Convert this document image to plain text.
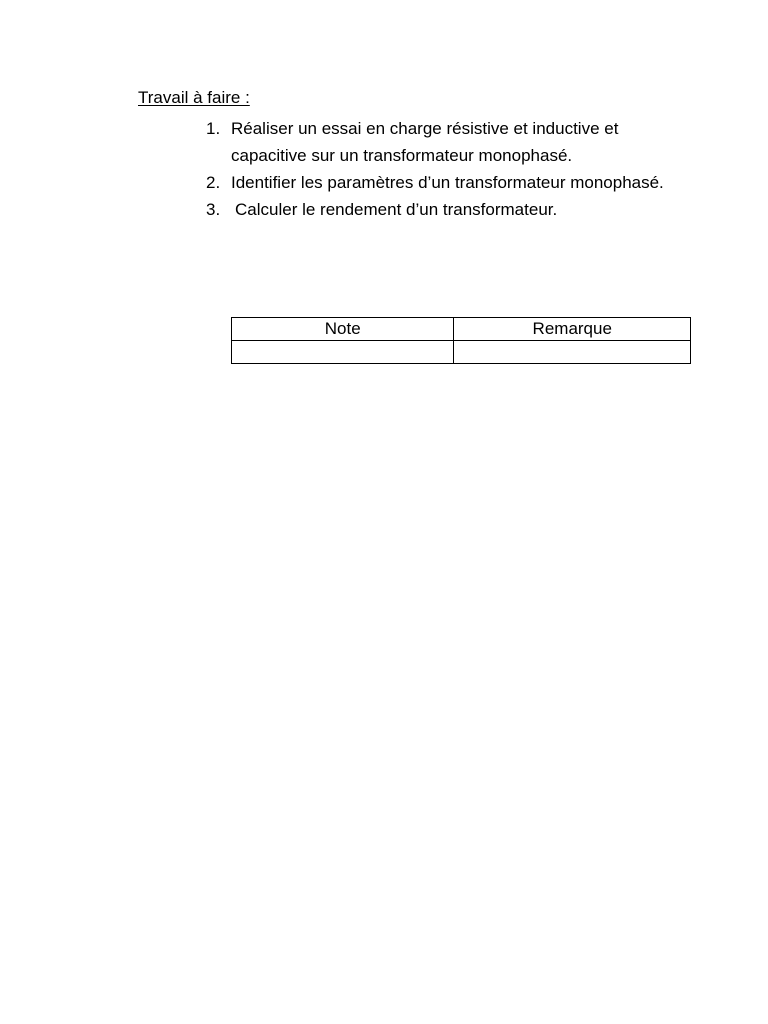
Travail à faire :
1. Réaliser un essai en charge résistive et inductive et capacitive sur un transformateur monophasé.
2. Identifier les paramètres d’un transformateur monophasé.
3. Calculer le rendement d’un transformateur.
Note	Remarque
